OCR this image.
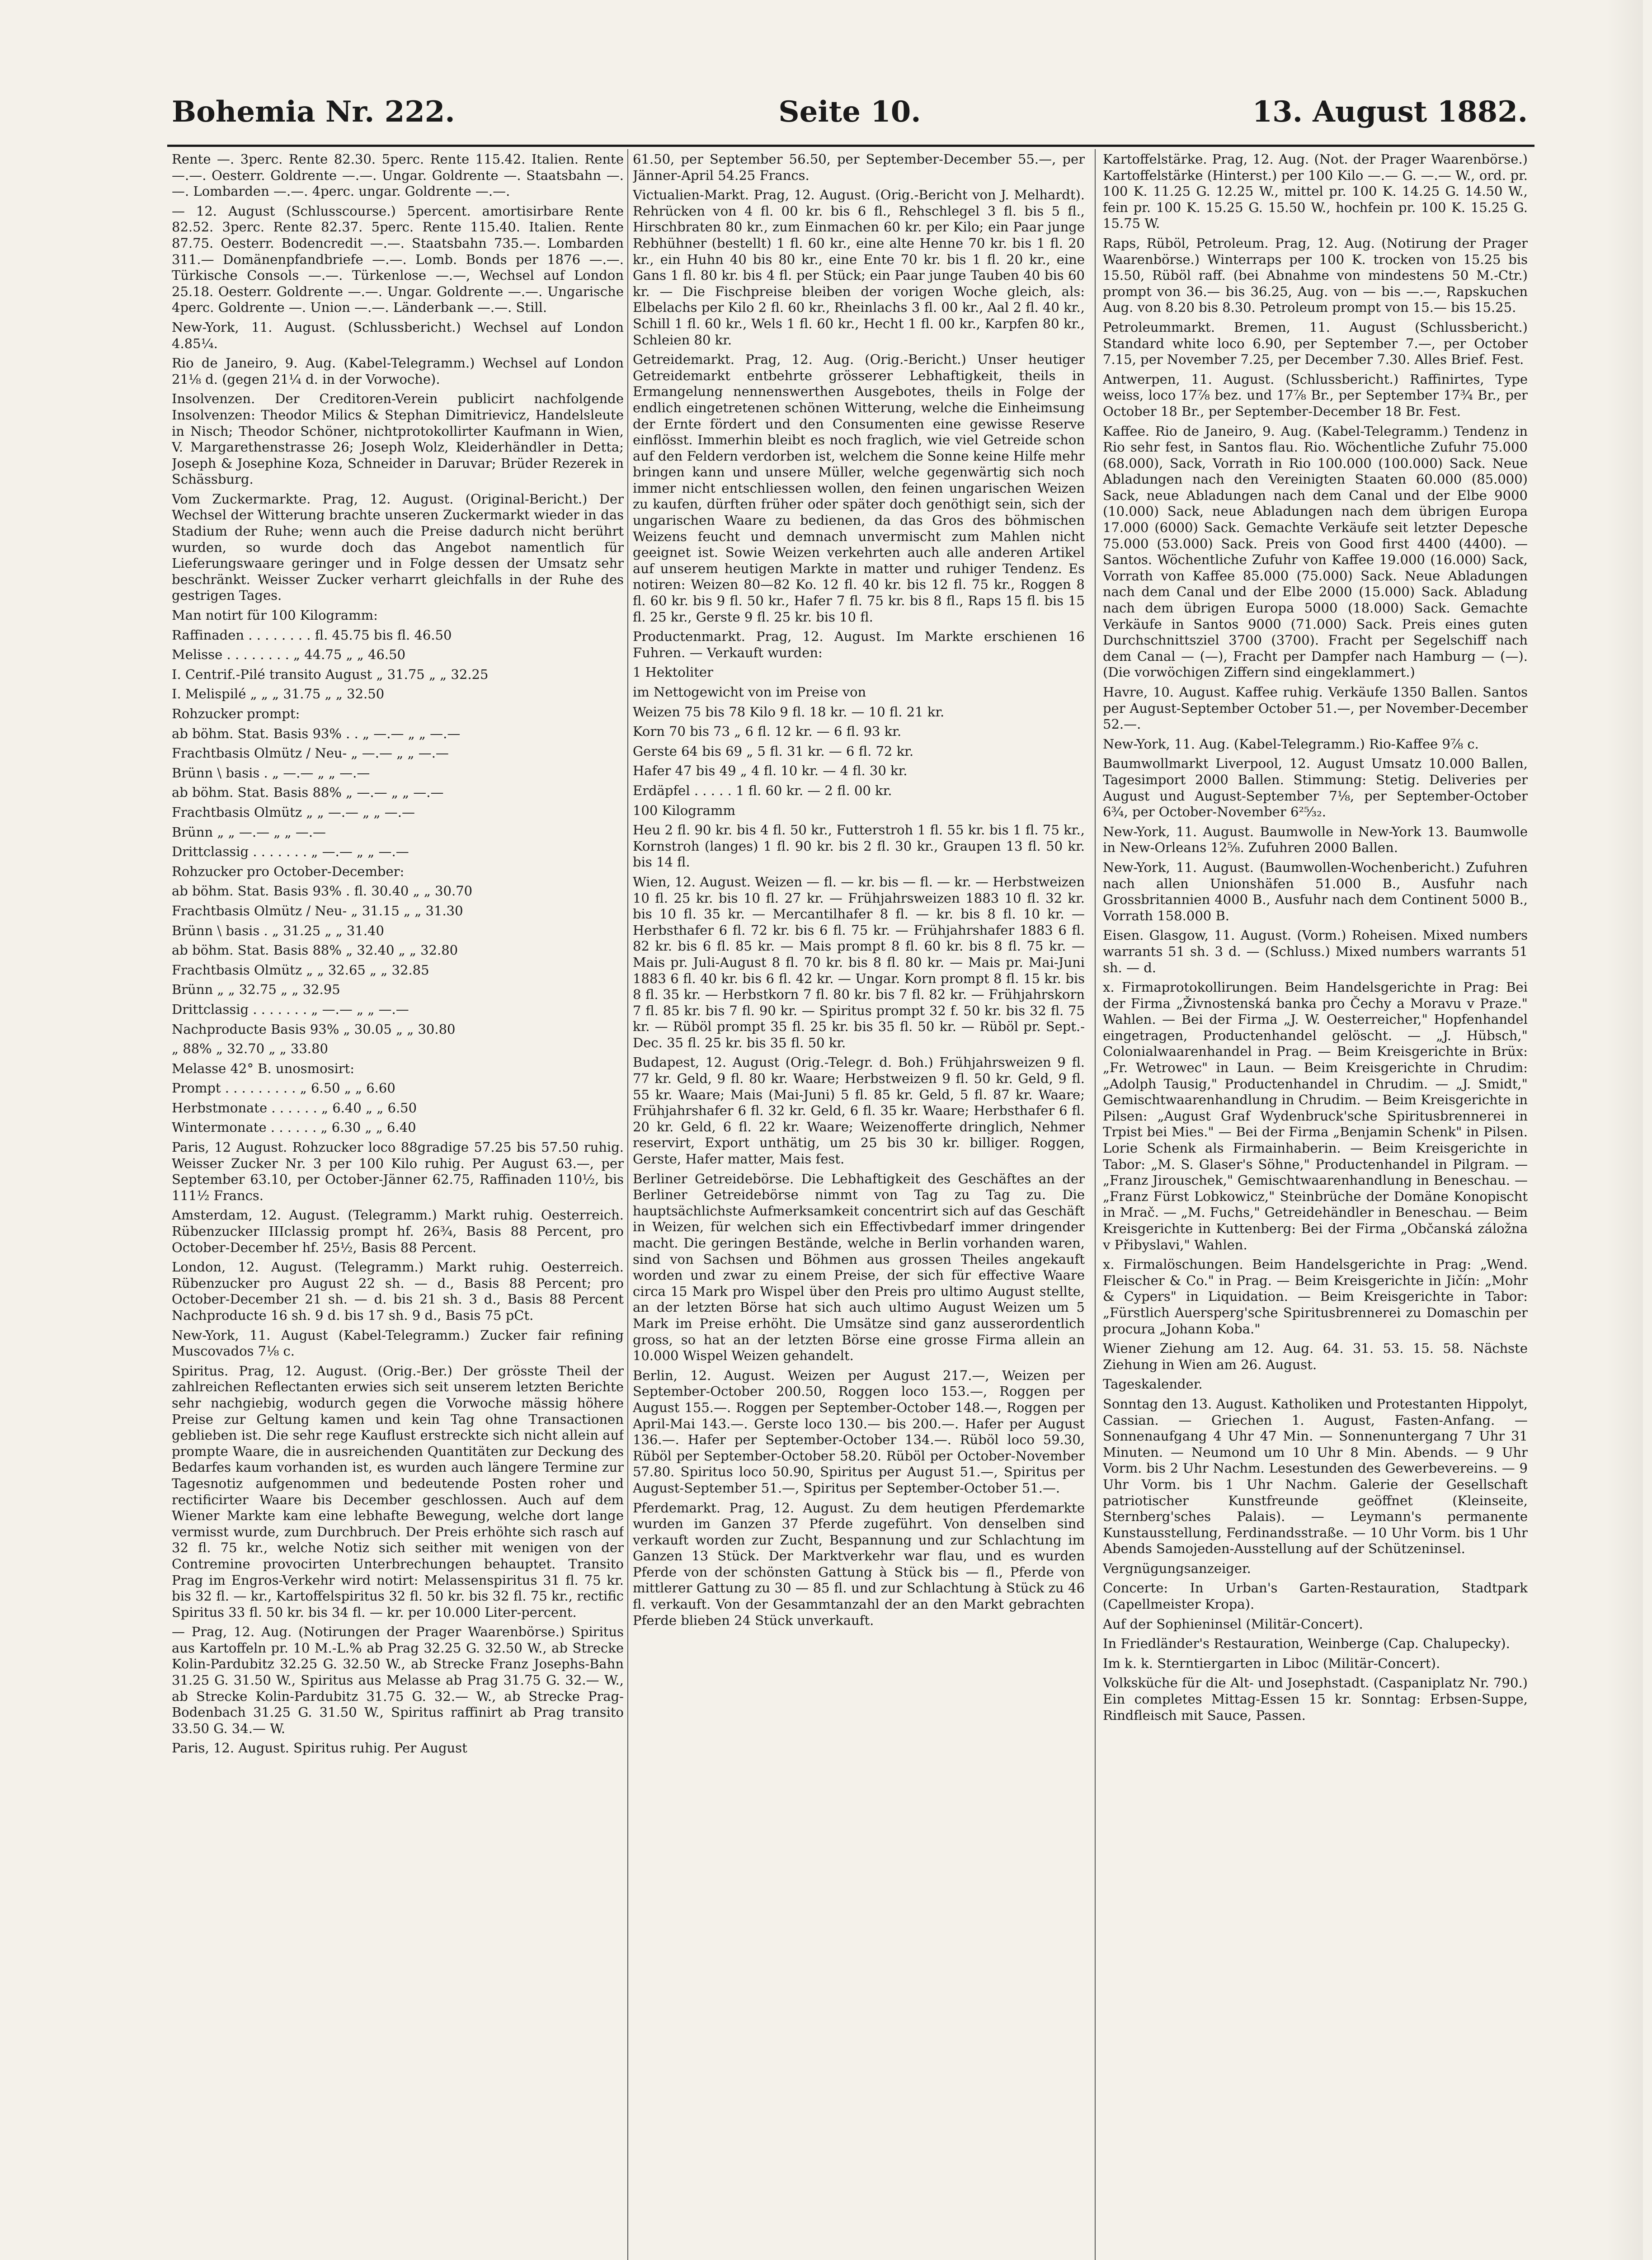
Bohemia Nr. 222.	Seite 10.	13. August 1882.

Rente —. 3perc. Rente 82.30. 5perc. Rente 115.42. Italien. Rente —.—. Oesterr. Goldrente —.—. Ungar. Goldrente —. Staatsbahn —.—. Lombarden —.—. 4perc. ungar. Goldrente —.—.

— 12. August (Schlusscourse.) 5percent. amortisirbare Rente 82.52. 3perc. Rente 82.37. 5perc. Rente 115.40. Italien. Rente 87.75. Oesterr. Bodencredit —.—. Staatsbahn 735.—. Lombarden 311.— Domänenpfandbriefe —.—. Lomb. Bonds per 1876 —.—. Türkische Consols —.—. Türkenlose —.—, Wechsel auf London 25.18. Oesterr. Goldrente —.—. Ungar. Goldrente —.—. Ungarische 4perc. Goldrente —. Union —.—. Länderbank —.—. Still.

New-York, 11. August. (Schlussbericht.) Wechsel auf London 4.85¼.

Rio de Janeiro, 9. Aug. (Kabel-Telegramm.) Wechsel auf London 21⅛ d. (gegen 21¼ d. in der Vorwoche).

Insolvenzen. Der Creditoren-Verein publicirt nachfolgende Insolvenzen: Theodor Milics & Stephan Dimitrievicz, Handelsleute in Nisch; Theodor Schöner, nichtprotokollirter Kaufmann in Wien, V. Margarethenstrasse 26; Joseph Wolz, Kleiderhändler in Detta; Joseph & Josephine Koza, Schneider in Daruvar; Brüder Rezerek in Schässburg.

Vom Zuckermarkte. Prag, 12. August. (Original-Bericht.) Der Wechsel der Witterung brachte unseren Zuckermarkt wieder in das Stadium der Ruhe; wenn auch die Preise dadurch nicht berührt wurden, so wurde doch das Angebot namentlich für Lieferungswaare geringer und in Folge dessen der Umsatz sehr beschränkt. Weisser Zucker verharrt gleichfalls in der Ruhe des gestrigen Tages.

Man notirt für 100 Kilogramm:

Raffinaden . . . . . . . . fl. 45.75 bis fl. 46.50

Melisse . . . . . . . . „ 44.75 „ „ 46.50

I. Centrif.-Pilé transito August „ 31.75 „ „ 32.25

I. Melispilé „ „ „ 31.75 „ „ 32.50

Rohzucker prompt:

ab böhm. Stat. Basis 93% . . „ —.— „ „ —.—

Frachtbasis Olmütz / Neu- „ —.— „ „ —.—

Brünn \ basis . „ —.— „ „ —.—

ab böhm. Stat. Basis 88% „ —.— „ „ —.—

Frachtbasis Olmütz „ „ —.— „ „ —.—

Brünn „ „ —.— „ „ —.—

Drittclassig . . . . . . . „ —.— „ „ —.—

Rohzucker pro October-December:

ab böhm. Stat. Basis 93% . fl. 30.40 „ „ 30.70

Frachtbasis Olmütz / Neu- „ 31.15 „ „ 31.30

Brünn \ basis . „ 31.25 „ „ 31.40

ab böhm. Stat. Basis 88% „ 32.40 „ „ 32.80

Frachtbasis Olmütz „ „ 32.65 „ „ 32.85

Brünn „ „ 32.75 „ „ 32.95

Drittclassig . . . . . . . „ —.— „ „ —.—

Nachproducte Basis 93% „ 30.05 „ „ 30.80

„ 88% „ 32.70 „ „ 33.80

Melasse 42° B. unosmosirt:

Prompt . . . . . . . . . „ 6.50 „ „ 6.60

Herbstmonate . . . . . . „ 6.40 „ „ 6.50

Wintermonate . . . . . . „ 6.30 „ „ 6.40

Paris, 12 August. Rohzucker loco 88gradige 57.25 bis 57.50 ruhig. Weisser Zucker Nr. 3 per 100 Kilo ruhig. Per August 63.—, per September 63.10, per October-Jänner 62.75, Raffinaden 110½, bis 111½ Francs.

Amsterdam, 12. August. (Telegramm.) Markt ruhig. Oesterreich. Rübenzucker IIIclassig prompt hf. 26¾, Basis 88 Percent, pro October-December hf. 25½, Basis 88 Percent.

London, 12. August. (Telegramm.) Markt ruhig. Oesterreich. Rübenzucker pro August 22 sh. — d., Basis 88 Percent; pro October-December 21 sh. — d. bis 21 sh. 3 d., Basis 88 Percent Nachproducte 16 sh. 9 d. bis 17 sh. 9 d., Basis 75 pCt.

New-York, 11. August (Kabel-Telegramm.) Zucker fair refining Muscovados 7⅛ c.

Spiritus. Prag, 12. August. (Orig.-Ber.) Der grösste Theil der zahlreichen Reflectanten erwies sich seit unserem letzten Berichte sehr nachgiebig, wodurch gegen die Vorwoche mässig höhere Preise zur Geltung kamen und kein Tag ohne Transactionen geblieben ist. Die sehr rege Kauflust erstreckte sich nicht allein auf prompte Waare, die in ausreichenden Quantitäten zur Deckung des Bedarfes kaum vorhanden ist, es wurden auch längere Termine zur Tagesnotiz aufgenommen und bedeutende Posten roher und rectificirter Waare bis December geschlossen. Auch auf dem Wiener Markte kam eine lebhafte Bewegung, welche dort lange vermisst wurde, zum Durchbruch. Der Preis erhöhte sich rasch auf 32 fl. 75 kr., welche Notiz sich seither mit wenigen von der Contremine provocirten Unterbrechungen behauptet. Transito Prag im Engros-Verkehr wird notirt: Melassenspiritus 31 fl. 75 kr. bis 32 fl. — kr., Kartoffelspiritus 32 fl. 50 kr. bis 32 fl. 75 kr., rectific Spiritus 33 fl. 50 kr. bis 34 fl. — kr. per 10.000 Liter-percent.

— Prag, 12. Aug. (Notirungen der Prager Waarenbörse.) Spiritus aus Kartoffeln pr. 10 M.-L.% ab Prag 32.25 G. 32.50 W., ab Strecke Kolin-Pardubitz 32.25 G. 32.50 W., ab Strecke Franz Josephs-Bahn 31.25 G. 31.50 W., Spiritus aus Melasse ab Prag 31.75 G. 32.— W., ab Strecke Kolin-Pardubitz 31.75 G. 32.— W., ab Strecke Prag-Bodenbach 31.25 G. 31.50 W., Spiritus raffinirt ab Prag transito 33.50 G. 34.— W.

Paris, 12. August. Spiritus ruhig. Per August

61.50, per September 56.50, per September-December 55.—, per Jänner-April 54.25 Francs.

Victualien-Markt. Prag, 12. August. (Orig.-Bericht von J. Melhardt). Rehrücken von 4 fl. 00 kr. bis 6 fl., Rehschlegel 3 fl. bis 5 fl., Hirschbraten 80 kr., zum Einmachen 60 kr. per Kilo; ein Paar junge Rebhühner (bestellt) 1 fl. 60 kr., eine alte Henne 70 kr. bis 1 fl. 20 kr., ein Huhn 40 bis 80 kr., eine Ente 70 kr. bis 1 fl. 20 kr., eine Gans 1 fl. 80 kr. bis 4 fl. per Stück; ein Paar junge Tauben 40 bis 60 kr. — Die Fischpreise bleiben der vorigen Woche gleich, als: Elbelachs per Kilo 2 fl. 60 kr., Rheinlachs 3 fl. 00 kr., Aal 2 fl. 40 kr., Schill 1 fl. 60 kr., Wels 1 fl. 60 kr., Hecht 1 fl. 00 kr., Karpfen 80 kr., Schleien 80 kr.

Getreidemarkt. Prag, 12. Aug. (Orig.-Bericht.) Unser heutiger Getreidemarkt entbehrte grösserer Lebhaftigkeit, theils in Ermangelung nennenswerthen Ausgebotes, theils in Folge der endlich eingetretenen schönen Witterung, welche die Einheimsung der Ernte fördert und den Consumenten eine gewisse Reserve einflösst. Immerhin bleibt es noch fraglich, wie viel Getreide schon auf den Feldern verdorben ist, welchem die Sonne keine Hilfe mehr bringen kann und unsere Müller, welche gegenwärtig sich noch immer nicht entschliessen wollen, den feinen ungarischen Weizen zu kaufen, dürften früher oder später doch genöthigt sein, sich der ungarischen Waare zu bedienen, da das Gros des böhmischen Weizens feucht und demnach unvermischt zum Mahlen nicht geeignet ist. Sowie Weizen verkehrten auch alle anderen Artikel auf unserem heutigen Markte in matter und ruhiger Tendenz. Es notiren: Weizen 80—82 Ko. 12 fl. 40 kr. bis 12 fl. 75 kr., Roggen 8 fl. 60 kr. bis 9 fl. 50 kr., Hafer 7 fl. 75 kr. bis 8 fl., Raps 15 fl. bis 15 fl. 25 kr., Gerste 9 fl. 25 kr. bis 10 fl.

Productenmarkt. Prag, 12. August. Im Markte erschienen 16 Fuhren. — Verkauft wurden:

1 Hektoliter

im Nettogewicht von im Preise von

Weizen 75 bis 78 Kilo 9 fl. 18 kr. — 10 fl. 21 kr.

Korn 70 bis 73 „ 6 fl. 12 kr. — 6 fl. 93 kr.

Gerste 64 bis 69 „ 5 fl. 31 kr. — 6 fl. 72 kr.

Hafer 47 bis 49 „ 4 fl. 10 kr. — 4 fl. 30 kr.

Erdäpfel . . . . . 1 fl. 60 kr. — 2 fl. 00 kr.

100 Kilogramm

Heu 2 fl. 90 kr. bis 4 fl. 50 kr., Futterstroh 1 fl. 55 kr. bis 1 fl. 75 kr., Kornstroh (langes) 1 fl. 90 kr. bis 2 fl. 30 kr., Graupen 13 fl. 50 kr. bis 14 fl.

Wien, 12. August. Weizen — fl. — kr. bis — fl. — kr. — Herbstweizen 10 fl. 25 kr. bis 10 fl. 27 kr. — Frühjahrsweizen 1883 10 fl. 32 kr. bis 10 fl. 35 kr. — Mercantilhafer 8 fl. — kr. bis 8 fl. 10 kr. — Herbsthafer 6 fl. 72 kr. bis 6 fl. 75 kr. — Frühjahrshafer 1883 6 fl. 82 kr. bis 6 fl. 85 kr. — Mais prompt 8 fl. 60 kr. bis 8 fl. 75 kr. — Mais pr. Juli-August 8 fl. 70 kr. bis 8 fl. 80 kr. — Mais pr. Mai-Juni 1883 6 fl. 40 kr. bis 6 fl. 42 kr. — Ungar. Korn prompt 8 fl. 15 kr. bis 8 fl. 35 kr. — Herbstkorn 7 fl. 80 kr. bis 7 fl. 82 kr. — Frühjahrskorn 7 fl. 85 kr. bis 7 fl. 90 kr. — Spiritus prompt 32 f. 50 kr. bis 32 fl. 75 kr. — Rüböl prompt 35 fl. 25 kr. bis 35 fl. 50 kr. — Rüböl pr. Sept.-Dec. 35 fl. 25 kr. bis 35 fl. 50 kr.

Budapest, 12. August (Orig.-Telegr. d. Boh.) Frühjahrsweizen 9 fl. 77 kr. Geld, 9 fl. 80 kr. Waare; Herbstweizen 9 fl. 50 kr. Geld, 9 fl. 55 kr. Waare; Mais (Mai-Juni) 5 fl. 85 kr. Geld, 5 fl. 87 kr. Waare; Frühjahrshafer 6 fl. 32 kr. Geld, 6 fl. 35 kr. Waare; Herbsthafer 6 fl. 20 kr. Geld, 6 fl. 22 kr. Waare; Weizenofferte dringlich, Nehmer reservirt, Export unthätig, um 25 bis 30 kr. billiger. Roggen, Gerste, Hafer matter, Mais fest.

Berliner Getreidebörse. Die Lebhaftigkeit des Geschäftes an der Berliner Getreidebörse nimmt von Tag zu Tag zu. Die hauptsächlichste Aufmerksamkeit concentrirt sich auf das Geschäft in Weizen, für welchen sich ein Effectivbedarf immer dringender macht. Die geringen Bestände, welche in Berlin vorhanden waren, sind von Sachsen und Böhmen aus grossen Theiles angekauft worden und zwar zu einem Preise, der sich für effective Waare circa 15 Mark pro Wispel über den Preis pro ultimo August stellte, an der letzten Börse hat sich auch ultimo August Weizen um 5 Mark im Preise erhöht. Die Umsätze sind ganz ausserordentlich gross, so hat an der letzten Börse eine grosse Firma allein an 10.000 Wispel Weizen gehandelt.

Berlin, 12. August. Weizen per August 217.—, Weizen per September-October 200.50, Roggen loco 153.—, Roggen per August 155.—. Roggen per September-October 148.—, Roggen per April-Mai 143.—. Gerste loco 130.— bis 200.—. Hafer per August 136.—. Hafer per September-October 134.—. Rüböl loco 59.30, Rüböl per September-October 58.20. Rüböl per October-November 57.80. Spiritus loco 50.90, Spiritus per August 51.—, Spiritus per August-September 51.—, Spiritus per September-October 51.—.

Pferdemarkt. Prag, 12. August. Zu dem heutigen Pferdemarkte wurden im Ganzen 37 Pferde zugeführt. Von denselben sind verkauft worden zur Zucht, Bespannung und zur Schlachtung im Ganzen 13 Stück. Der Marktverkehr war flau, und es wurden Pferde von der schönsten Gattung à Stück bis — fl., Pferde von mittlerer Gattung zu 30 — 85 fl. und zur Schlachtung à Stück zu 46 fl. verkauft. Von der Gesammtanzahl der an den Markt gebrachten Pferde blieben 24 Stück unverkauft.

Kartoffelstärke. Prag, 12. Aug. (Not. der Prager Waarenbörse.) Kartoffelstärke (Hinterst.) per 100 Kilo —.— G. —.— W., ord. pr. 100 K. 11.25 G. 12.25 W., mittel pr. 100 K. 14.25 G. 14.50 W., fein pr. 100 K. 15.25 G. 15.50 W., hochfein pr. 100 K. 15.25 G. 15.75 W.

Raps, Rüböl, Petroleum. Prag, 12. Aug. (Notirung der Prager Waarenbörse.) Winterraps per 100 K. trocken von 15.25 bis 15.50, Rüböl raff. (bei Abnahme von mindestens 50 M.-Ctr.) prompt von 36.— bis 36.25, Aug. von — bis —.—, Rapskuchen Aug. von 8.20 bis 8.30. Petroleum prompt von 15.— bis 15.25.

Petroleummarkt. Bremen, 11. August (Schlussbericht.) Standard white loco 6.90, per September 7.—, per October 7.15, per November 7.25, per December 7.30. Alles Brief. Fest.

Antwerpen, 11. August. (Schlussbericht.) Raffinirtes, Type weiss, loco 17⅞ bez. und 17⅞ Br., per September 17¾ Br., per October 18 Br., per September-December 18 Br. Fest.

Kaffee. Rio de Janeiro, 9. Aug. (Kabel-Telegramm.) Tendenz in Rio sehr fest, in Santos flau. Rio. Wöchentliche Zufuhr 75.000 (68.000), Sack, Vorrath in Rio 100.000 (100.000) Sack. Neue Abladungen nach den Vereinigten Staaten 60.000 (85.000) Sack, neue Abladungen nach dem Canal und der Elbe 9000 (10.000) Sack, neue Abladungen nach dem übrigen Europa 17.000 (6000) Sack. Gemachte Verkäufe seit letzter Depesche 75.000 (53.000) Sack. Preis von Good first 4400 (4400). — Santos. Wöchentliche Zufuhr von Kaffee 19.000 (16.000) Sack, Vorrath von Kaffee 85.000 (75.000) Sack. Neue Abladungen nach dem Canal und der Elbe 2000 (15.000) Sack. Abladung nach dem übrigen Europa 5000 (18.000) Sack. Gemachte Verkäufe in Santos 9000 (71.000) Sack. Preis eines guten Durchschnittsziel 3700 (3700). Fracht per Segelschiff nach dem Canal — (—), Fracht per Dampfer nach Hamburg — (—). (Die vorwöchigen Ziffern sind eingeklammert.)

Havre, 10. August. Kaffee ruhig. Verkäufe 1350 Ballen. Santos per August-September October 51.—, per November-December 52.—.

New-York, 11. Aug. (Kabel-Telegramm.) Rio-Kaffee 9⅞ c.

Baumwollmarkt Liverpool, 12. August Umsatz 10.000 Ballen, Tagesimport 2000 Ballen. Stimmung: Stetig. Deliveries per August und August-September 7⅛, per September-October 6¾, per October-November 6²⁵⁄₃₂.

New-York, 11. August. Baumwolle in New-York 13. Baumwolle in New-Orleans 12⅝. Zufuhren 2000 Ballen.

New-York, 11. August. (Baumwollen-Wochenbericht.) Zufuhren nach allen Unionshäfen 51.000 B., Ausfuhr nach Grossbritannien 4000 B., Ausfuhr nach dem Continent 5000 B., Vorrath 158.000 B.

Eisen. Glasgow, 11. August. (Vorm.) Roheisen. Mixed numbers warrants 51 sh. 3 d. — (Schluss.) Mixed numbers warrants 51 sh. — d.

x. Firmaprotokollirungen. Beim Handelsgerichte in Prag: Bei der Firma „Živnostenská banka pro Čechy a Moravu v Praze." Wahlen. — Bei der Firma „J. W. Oesterreicher," Hopfenhandel eingetragen, Productenhandel gelöscht. — „J. Hübsch," Colonialwaarenhandel in Prag. — Beim Kreisgerichte in Brüx: „Fr. Wetrowec" in Laun. — Beim Kreisgerichte in Chrudim: „Adolph Tausig," Productenhandel in Chrudim. — „J. Smidt," Gemischtwaarenhandlung in Chrudim. — Beim Kreisgerichte in Pilsen: „August Graf Wydenbruck'sche Spiritusbrennerei in Trpist bei Mies." — Bei der Firma „Benjamin Schenk" in Pilsen. Lorie Schenk als Firmainhaberin. — Beim Kreisgerichte in Tabor: „M. S. Glaser's Söhne," Productenhandel in Pilgram. — „Franz Jirouschek," Gemischtwaarenhandlung in Beneschau. — „Franz Fürst Lobkowicz," Steinbrüche der Domäne Konopischt in Mrač. — „M. Fuchs," Getreidehändler in Beneschau. — Beim Kreisgerichte in Kuttenberg: Bei der Firma „Občanská záložna v Přibyslavi," Wahlen.

x. Firmalöschungen. Beim Handelsgerichte in Prag: „Wend. Fleischer & Co." in Prag. — Beim Kreisgerichte in Jičín: „Mohr & Cypers" in Liquidation. — Beim Kreisgerichte in Tabor: „Fürstlich Auersperg'sche Spiritusbrennerei zu Domaschin per procura „Johann Koba."

Wiener Ziehung am 12. Aug. 64. 31. 53. 15. 58. Nächste Ziehung in Wien am 26. August.

Tageskalender.

Sonntag den 13. August. Katholiken und Protestanten Hippolyt, Cassian. — Griechen 1. August, Fasten-Anfang. — Sonnenaufgang 4 Uhr 47 Min. — Sonnenuntergang 7 Uhr 31 Minuten. — Neumond um 10 Uhr 8 Min. Abends. — 9 Uhr Vorm. bis 2 Uhr Nachm. Lesestunden des Gewerbevereins. — 9 Uhr Vorm. bis 1 Uhr Nachm. Galerie der Gesellschaft patriotischer Kunstfreunde geöffnet (Kleinseite, Sternberg'sches Palais). — Leymann's permanente Kunstausstellung, Ferdinandsstraße. — 10 Uhr Vorm. bis 1 Uhr Abends Samojeden-Ausstellung auf der Schützeninsel.

Vergnügungsanzeiger.

Concerte: In Urban's Garten-Restauration, Stadtpark (Capellmeister Kropa).

Auf der Sophieninsel (Militär-Concert).

In Friedländer's Restauration, Weinberge (Cap. Chalupecky).

Im k. k. Sterntiergarten in Liboc (Militär-Concert).

Volksküche für die Alt- und Josephstadt. (Caspaniplatz Nr. 790.) Ein completes Mittag-Essen 15 kr. Sonntag: Erbsen-Suppe, Rindfleisch mit Sauce, Passen.
